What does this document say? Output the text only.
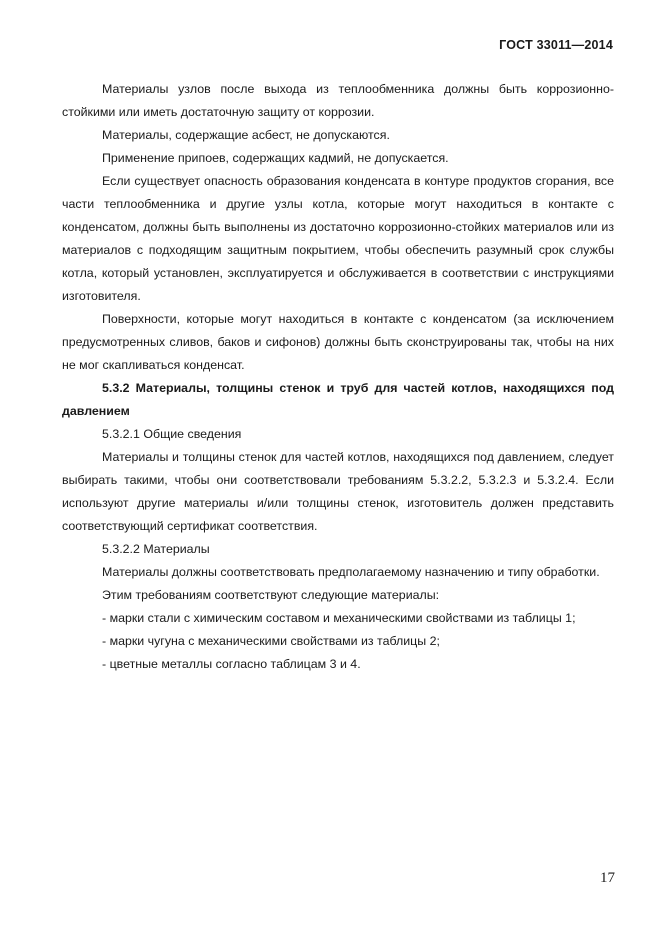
ГОСТ 33011—2014

Материалы узлов после выхода из теплообменника должны быть коррозионно-стойкими или иметь достаточную защиту от коррозии.

Материалы, содержащие асбест, не допускаются.

Применение припоев, содержащих кадмий, не допускается.

Если существует опасность образования конденсата в контуре продуктов сгорания, все части теплообменника и другие узлы котла, которые могут находиться в контакте с конденсатом, должны быть выполнены из достаточно коррозионно-стойких материалов или из материалов с подходящим защитным покрытием, чтобы обеспечить разумный срок службы котла, который установлен, эксплуатируется и обслуживается в соответствии с инструкциями изготовителя.

Поверхности, которые могут находиться в контакте с конденсатом (за исключением предусмотренных сливов, баков и сифонов) должны быть сконструированы так, чтобы на них не мог скапливаться конденсат.

5.3.2 Материалы, толщины стенок и труб для частей котлов, находящихся под давлением

5.3.2.1 Общие сведения

Материалы и толщины стенок для частей котлов, находящихся под давлением, следует выбирать такими, чтобы они соответствовали требованиям 5.3.2.2, 5.3.2.3 и 5.3.2.4. Если используют другие материалы и/или толщины стенок, изготовитель должен представить соответствующий сертификат соответствия.

5.3.2.2 Материалы

Материалы должны соответствовать предполагаемому назначению и типу обработки.

Этим требованиям соответствуют следующие материалы:

- марки стали с химическим составом и механическими свойствами из таблицы 1;

- марки чугуна с механическими свойствами из таблицы 2;

- цветные металлы согласно таблицам 3 и 4.

17
